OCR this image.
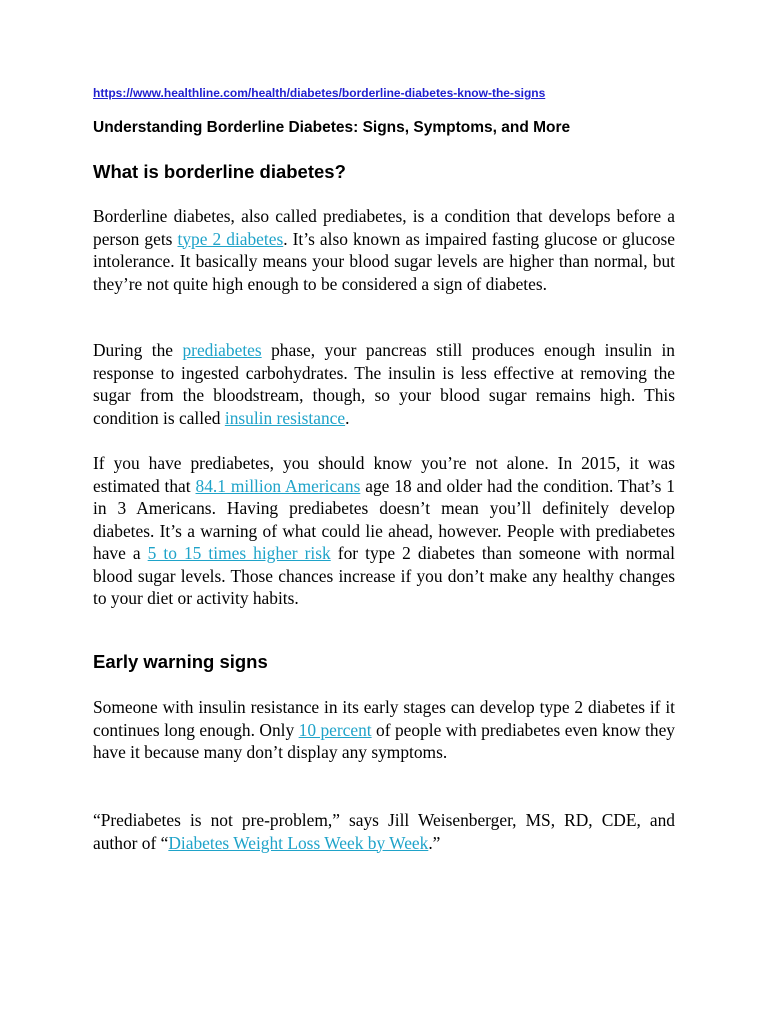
https://www.healthline.com/health/diabetes/borderline-diabetes-know-the-signs
Understanding Borderline Diabetes: Signs, Symptoms, and More
What is borderline diabetes?

Borderline diabetes, also called prediabetes, is a condition that develops before a person gets type 2 diabetes. It’s also known as impaired fasting glucose or glucose intolerance. It basically means your blood sugar levels are higher than normal, but they’re not quite high enough to be considered a sign of diabetes.

During the prediabetes phase, your pancreas still produces enough insulin in response to ingested carbohydrates. The insulin is less effective at removing the sugar from the bloodstream, though, so your blood sugar remains high. This condition is called insulin resistance.

If you have prediabetes, you should know you’re not alone. In 2015, it was estimated that 84.1 million Americans age 18 and older had the condition. That’s 1 in 3 Americans. Having prediabetes doesn’t mean you’ll definitely develop diabetes. It’s a warning of what could lie ahead, however. People with prediabetes have a 5 to 15 times higher risk for type 2 diabetes than someone with normal blood sugar levels. Those chances increase if you don’t make any healthy changes to your diet or activity habits.

Early warning signs

Someone with insulin resistance in its early stages can develop type 2 diabetes if it continues long enough. Only 10 percent of people with prediabetes even know they have it because many don’t display any symptoms.

“Prediabetes is not pre-problem,” says Jill Weisenberger, MS, RD, CDE, and author of “Diabetes Weight Loss Week by Week.”
